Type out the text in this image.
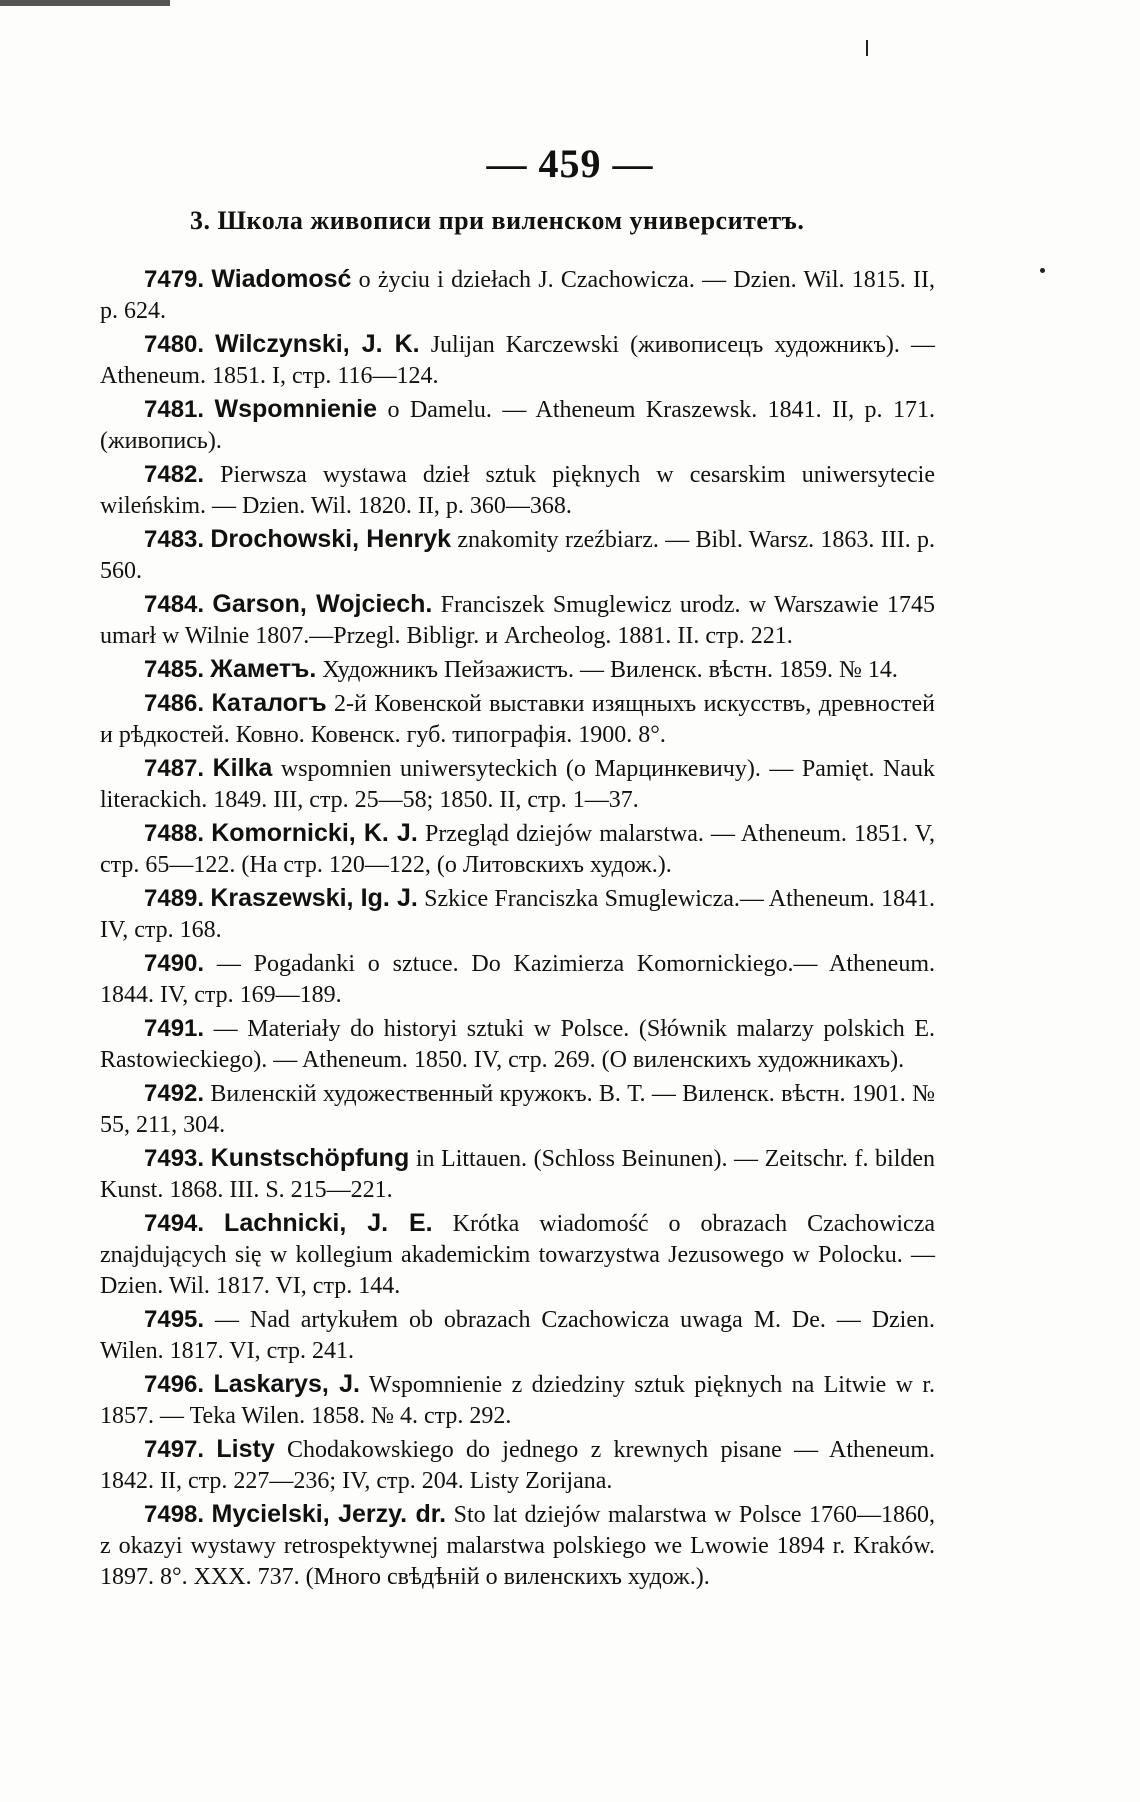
— 459 —
3. Школа живописи при виленском университетъ.

7479. Wiadomosć o życiu i dziełach J. Czachowicza. — Dzien. Wil. 1815. II, p. 624.

7480. Wilczynski, J. K. Julijan Karczewski (живописецъ художникъ). — Atheneum. 1851. I, стр. 116—124.

7481. Wspomnienie o Damelu. — Atheneum Kraszewsk. 1841. II, p. 171. (живопись).

7482. Pierwsza wystawa dzieł sztuk pięknych w cesarskim uniwersytecie wileńskim. — Dzien. Wil. 1820. II, p. 360—368.

7483. Drochowski, Henryk znakomity rzeźbiarz. — Bibl. Warsz. 1863. III. p. 560.

7484. Garson, Wojciech. Franciszek Smuglewicz urodz. w Warszawie 1745 umarł w Wilnie 1807.—Przegl. Bibligr. и Archeolog. 1881. II. стр. 221.

7485. Жаметъ. Художникъ Пейзажистъ. — Виленск. вѣстн. 1859. № 14.

7486. Каталогъ 2-й Ковенской выставки изящныхъ искусствъ, древностей и рѣдкостей. Ковно. Ковенск. губ. типографія. 1900. 8°.

7487. Kilka wspomnien uniwersyteckich (о Марцинкевичу). — Pamięt. Nauk literackich. 1849. III, стр. 25—58; 1850. II, стр. 1—37.

7488. Komornicki, K. J. Przegląd dziejów malarstwa. — Atheneum. 1851. V, стр. 65—122. (На стр. 120—122, (о Литовскихъ худож.).

7489. Kraszewski, Ig. J. Szkice Franciszka Smuglewicza.— Atheneum. 1841. IV, стр. 168.

7490. — Pogadanki o sztuce. Do Kazimierza Komornickiego.— Atheneum. 1844. IV, стр. 169—189.

7491. — Materiały do historyi sztuki w Polsce. (Słównik malarzy polskich E. Rastowieckiego). — Atheneum. 1850. IV, стр. 269. (О виленскихъ художникахъ).

7492. Виленскій художественный кружокъ. В. Т. — Виленск. вѣстн. 1901. № 55, 211, 304.

7493. Kunstschöpfung in Littauen. (Schloss Beinunen). — Zeitschr. f. bilden Kunst. 1868. III. S. 215—221.

7494. Lachnicki, J. E. Krótka wiadomość o obrazach Czachowicza znajdujących się w kollegium akademickim towarzystwa Jezusowego w Polocku. — Dzien. Wil. 1817. VI, стр. 144.

7495. — Nad artykułem ob obrazach Czachowicza uwaga M. De. — Dzien. Wilen. 1817. VI, стр. 241.

7496. Laskarys, J. Wspomnienie z dziedziny sztuk pięknych na Litwie w r. 1857. — Teka Wilen. 1858. № 4. стр. 292.

7497. Listy Chodakowskiego do jednego z krewnych pisane — Atheneum. 1842. II, стр. 227—236; IV, стр. 204. Listy Zorijana.

7498. Mycielski, Jerzy. dr. Sto lat dziejów malarstwa w Polsce 1760—1860, z okazyi wystawy retrospektywnej malarstwa polskiego we Lwowie 1894 r. Kraków. 1897. 8°. XXX. 737. (Много свѣдѣній о виленскихъ худож.).
